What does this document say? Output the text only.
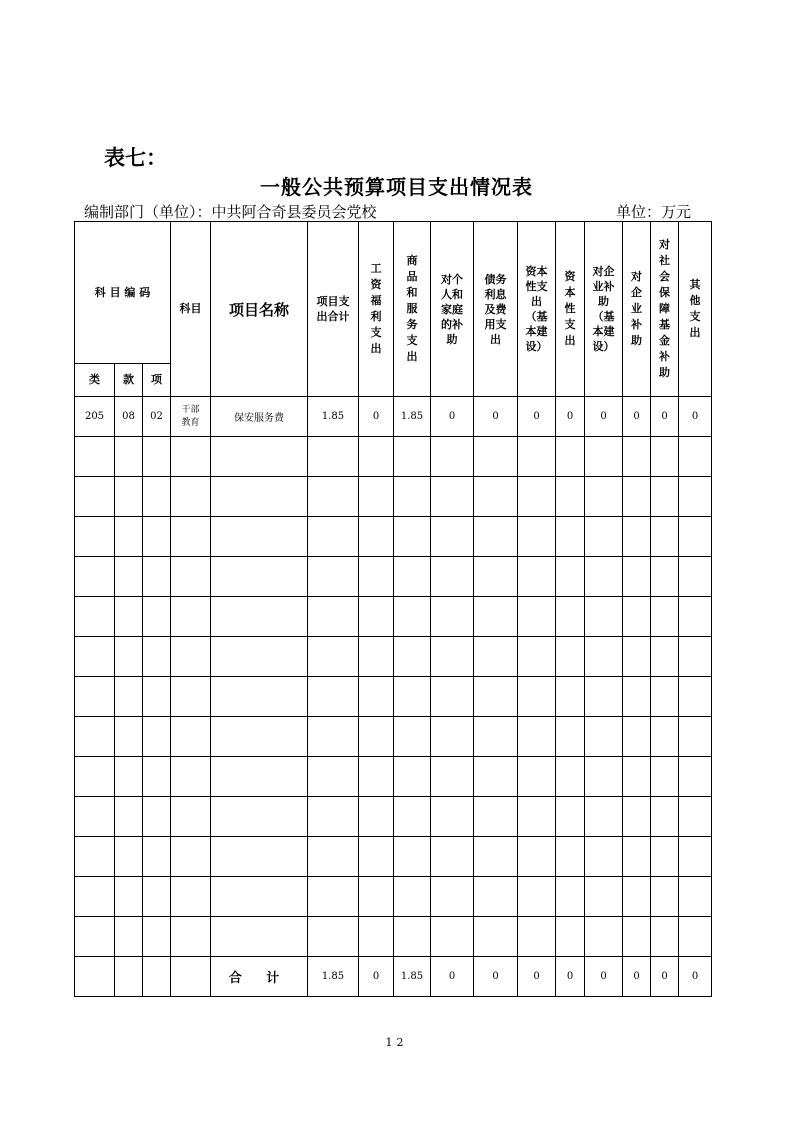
表七：
一般公共预算项目支出情况表
编制部门（单位）：中共阿合奇县委员会党校	单位：万元
科 目 编 码			科目	项目名称	项目支出合计	工资福利支出	商品和服务支出	对个人和家庭的补助	债务利息及费用支出	资本性支出（基本建设）	资本性支出	对企业补助（基本建设）	对企业补助	对社会保障基金补助	其他支出
类	款	项													
205	08	02	干部教育	保安服务费	1.85	0	1.85	0	0	0	0	0	0	0	0

				合 计	1.85	0	1.85	0	0	0	0	0	0	0	0
12
